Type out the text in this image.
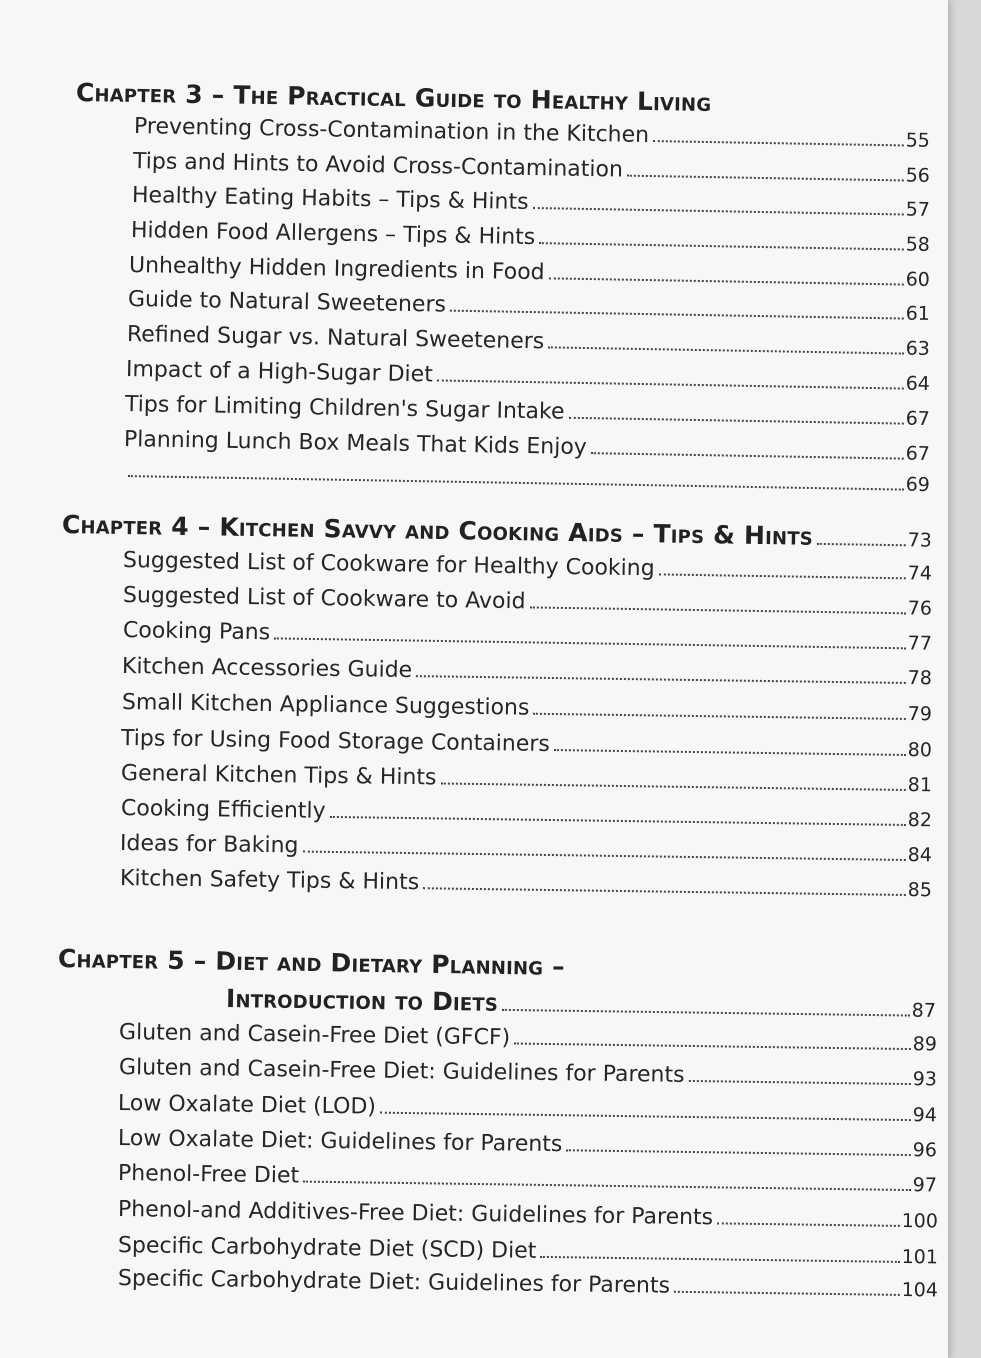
Chapter 3 – The Practical Guide to Healthy Living
Preventing Cross-Contamination in the Kitchen	55
Tips and Hints to Avoid Cross-Contamination	56
Healthy Eating Habits – Tips & Hints	57
Hidden Food Allergens – Tips & Hints	58
Unhealthy Hidden Ingredients in Food	60
Guide to Natural Sweeteners	61
Refined Sugar vs. Natural Sweeteners	63
Impact of a High-Sugar Diet	64
Tips for Limiting Children's Sugar Intake	67
Planning Lunch Box Meals That Kids Enjoy	67
69
Chapter 4 – Kitchen Savvy and Cooking Aids – Tips & Hints	73
Suggested List of Cookware for Healthy Cooking	74
Suggested List of Cookware to Avoid	76
Cooking Pans	77
Kitchen Accessories Guide	78
Small Kitchen Appliance Suggestions	79
Tips for Using Food Storage Containers	80
General Kitchen Tips & Hints	81
Cooking Efficiently	82
Ideas for Baking	84
Kitchen Safety Tips & Hints	85
Chapter 5 – Diet and Dietary Planning –
Introduction to Diets	87
Gluten and Casein-Free Diet (GFCF)	89
Gluten and Casein-Free Diet: Guidelines for Parents	93
Low Oxalate Diet (LOD)	94
Low Oxalate Diet: Guidelines for Parents	96
Phenol-Free Diet	97
Phenol-and Additives-Free Diet: Guidelines for Parents	100
Specific Carbohydrate Diet (SCD) Diet	101
Specific Carbohydrate Diet: Guidelines for Parents	104
